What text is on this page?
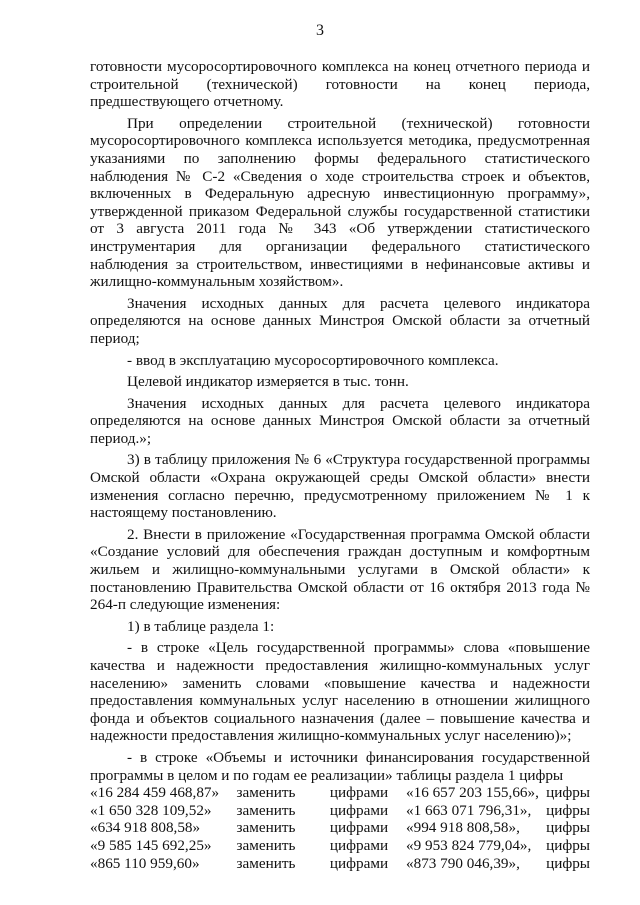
3

готовности мусоросортировочного комплекса на конец отчетного периода и строительной (технической) готовности на конец периода, предшествующего отчетному.

При определении строительной (технической) готовности мусоросортировочного комплекса используется методика, предусмотренная указаниями по заполнению формы федерального статистического наблюдения № С-2 «Сведения о ходе строительства строек и объектов, включенных в Федеральную адресную инвестиционную программу», утвержденной приказом Федеральной службы государственной статистики от 3 августа 2011 года № 343 «Об утверждении статистического инструментария для организации федерального статистического наблюдения за строительством, инвестициями в нефинансовые активы и жилищно-коммунальным хозяйством».

Значения исходных данных для расчета целевого индикатора определяются на основе данных Минстроя Омской области за отчетный период;

- ввод в эксплуатацию мусоросортировочного комплекса.

Целевой индикатор измеряется в тыс. тонн.

Значения исходных данных для расчета целевого индикатора определяются на основе данных Минстроя Омской области за отчетный период.»;

3) в таблицу приложения № 6 «Структура государственной программы Омской области «Охрана окружающей среды Омской области» внести изменения согласно перечню, предусмотренному приложением № 1 к настоящему постановлению.

2. Внести в приложение «Государственная программа Омской области «Создание условий для обеспечения граждан доступным и комфортным жильем и жилищно-коммунальными услугами в Омской области» к постановлению Правительства Омской области от 16 октября 2013 года № 264-п следующие изменения:

1) в таблице раздела 1:

- в строке «Цель государственной программы» слова «повышение качества и надежности предоставления жилищно-коммунальных услуг населению» заменить словами «повышение качества и надежности предоставления коммунальных услуг населению в отношении жилищного фонда и объектов социального назначения (далее – повышение качества и надежности предоставления жилищно-коммунальных услуг населению)»;

- в строке «Объемы и источники финансирования государственной программы в целом и по годам ее реализации» таблицы раздела 1 цифры

«16 284 459 468,87»	заменить	цифрами	«16 657 203 155,66»,	цифры
«1 650 328 109,52»	заменить	цифрами	«1 663 071 796,31»,	цифры
«634 918 808,58»	заменить	цифрами	«994 918 808,58»,	цифры
«9 585 145 692,25»	заменить	цифрами	«9 953 824 779,04»,	цифры
«865 110 959,60»	заменить	цифрами	«873 790 046,39»,	цифры
